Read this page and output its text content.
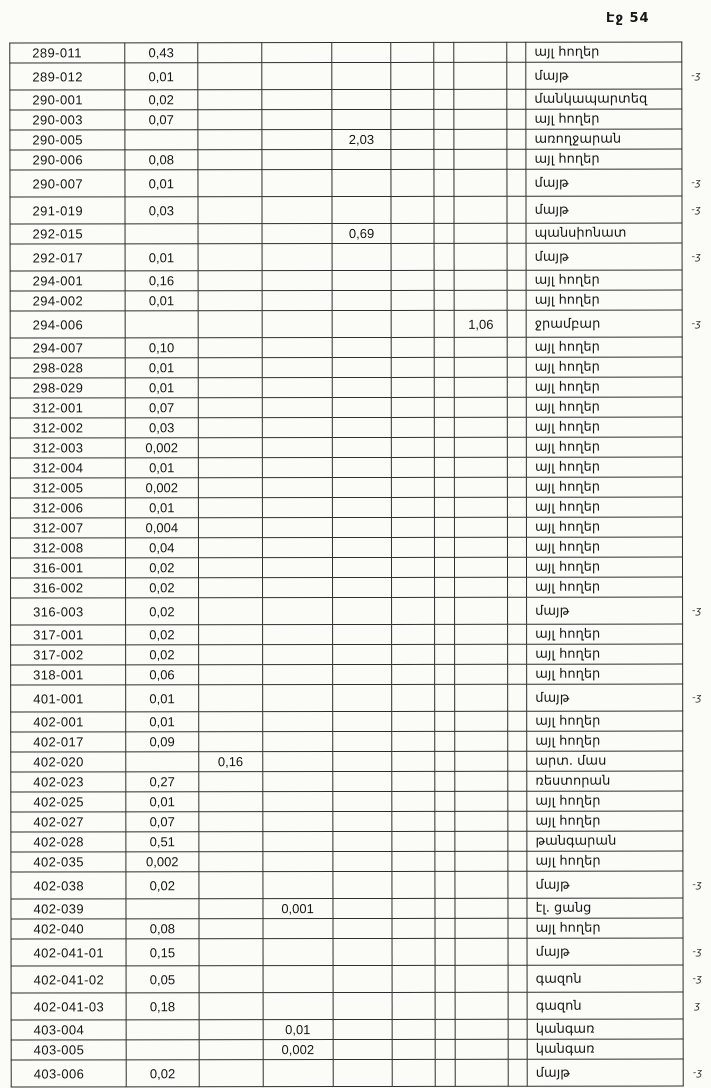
Էջ 54
289-011	0,43								այլ հողեր	
289-012	0,01								մայթ	-ʒ
290-001	0,02								մանկապարտեզ	
290-003	0,07								այլ հողեր	
290-005				2,03					առողջարան	
290-006	0,08								այլ հողեր	
290-007	0,01								մայթ	-ʒ
291-019	0,03								մայթ	-ʒ
292-015				0,69					պանսիոնատ	
292-017	0,01								մայթ	-ʒ
294-001	0,16								այլ հողեր	
294-002	0,01								այլ հողեր	
294-006							1,06		ջրամբար	-ʒ
294-007	0,10								այլ հողեր	
298-028	0,01								այլ հողեր	
298-029	0,01								այլ հողեր	
312-001	0,07								այլ հողեր	
312-002	0,03								այլ հողեր	
312-003	0,002								այլ հողեր	
312-004	0,01								այլ հողեր	
312-005	0,002								այլ հողեր	
312-006	0,01								այլ հողեր	
312-007	0,004								այլ հողեր	
312-008	0,04								այլ հողեր	
316-001	0,02								այլ հողեր	
316-002	0,02								այլ հողեր	
316-003	0,02								մայթ	-ʒ
317-001	0,02								այլ հողեր	
317-002	0,02								այլ հողեր	
318-001	0,06								այլ հողեր	
401-001	0,01								մայթ	-ʒ
402-001	0,01								այլ հողեր	
402-017	0,09								այլ հողեր	
402-020		0,16							արտ. մաս	
402-023	0,27								ռեստորան	
402-025	0,01								այլ հողեր	
402-027	0,07								այլ հողեր	
402-028	0,51								թանգարան	
402-035	0,002								այլ հողեր	
402-038	0,02								մայթ	-ʒ
402-039			0,001						էլ. ցանց	
402-040	0,08								այլ հողեր	
402-041-01	0,15								մայթ	-ʒ
402-041-02	0,05								գազոն	-ʒ
402-041-03	0,18								գազոն	ʒ
403-004			0,01						կանգառ	
403-005			0,002						կանգառ	
403-006	0,02								մայթ	-ʒ
